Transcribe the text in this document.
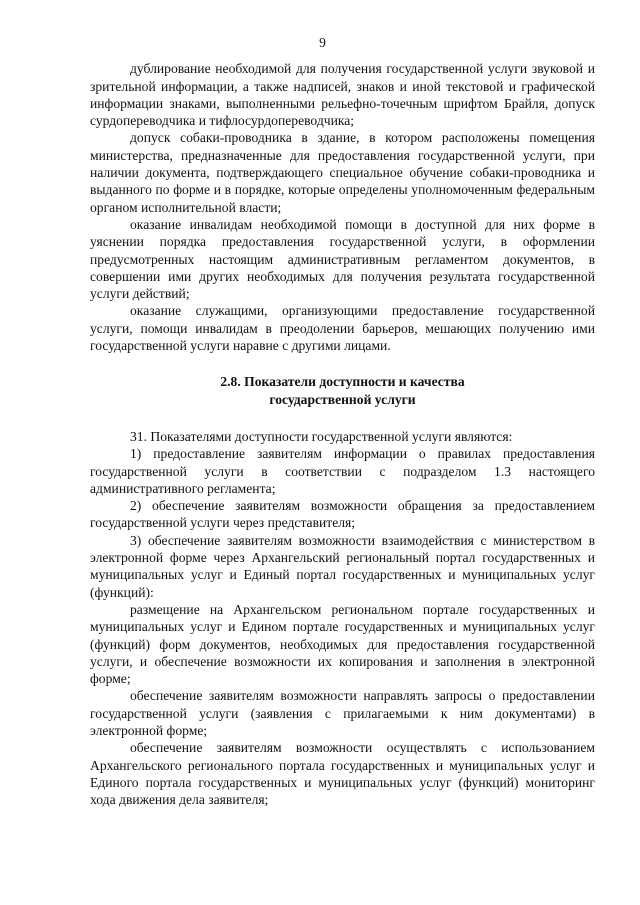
9

дублирование необходимой для получения государственной услуги звуковой и зрительной информации, а также надписей, знаков и иной текстовой и графической информации знаками, выполненными рельефно-точечным шрифтом Брайля, допуск сурдопереводчика и тифлосурдопереводчика;

допуск собаки-проводника в здание, в котором расположены помещения министерства, предназначенные для предоставления государственной услуги, при наличии документа, подтверждающего специальное обучение собаки-проводника и выданного по форме и в порядке, которые определены уполномоченным федеральным органом исполнительной власти;

оказание инвалидам необходимой помощи в доступной для них форме в уяснении порядка предоставления государственной услуги, в оформлении предусмотренных настоящим административным регламентом документов, в совершении ими других необходимых для получения результата государственной услуги действий;

оказание служащими, организующими предоставление государственной услуги, помощи инвалидам в преодолении барьеров, мешающих получению ими государственной услуги наравне с другими лицами.

2.8. Показатели доступности и качества
государственной услуги

31. Показателями доступности государственной услуги являются:

1) предоставление заявителям информации о правилах предоставления государственной услуги в соответствии с подразделом 1.3 настоящего административного регламента;

2) обеспечение заявителям возможности обращения за предоставлением государственной услуги через представителя;

3) обеспечение заявителям возможности взаимодействия с министерством в электронной форме через Архангельский региональный портал государственных и муниципальных услуг и Единый портал государственных и муниципальных услуг (функций):

размещение на Архангельском региональном портале государственных и муниципальных услуг и Едином портале государственных и муниципальных услуг (функций) форм документов, необходимых для предоставления государственной услуги, и обеспечение возможности их копирования и заполнения в электронной форме;

обеспечение заявителям возможности направлять запросы о предоставлении государственной услуги (заявления с прилагаемыми к ним документами) в электронной форме;

обеспечение заявителям возможности осуществлять с использованием Архангельского регионального портала государственных и муниципальных услуг и Единого портала государственных и муниципальных услуг (функций) мониторинг хода движения дела заявителя;
